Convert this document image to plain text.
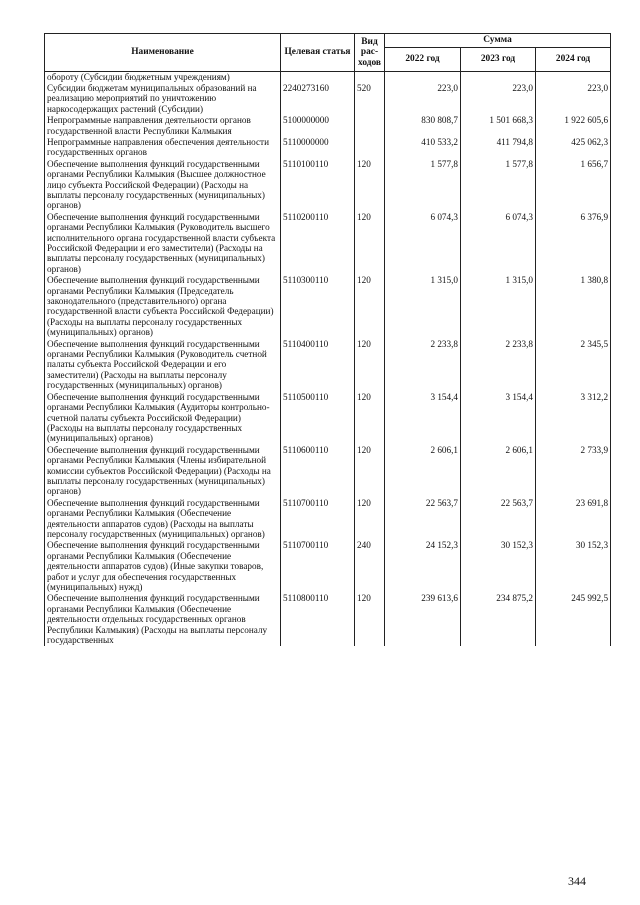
Наименование	Целевая статья	Вид рас-ходов	Сумма		
			2022 год	2023 год	2024 год
обороту (Субсидии бюджетным учреждениям)					
Субсидии бюджетам муниципальных образований на реализацию мероприятий по уничтожению наркосодержащих растений (Субсидии)	2240273160	520	223,0	223,0	223,0
Непрограммные направления деятельности органов государственной власти Республики Калмыкия	5100000000		830 808,7	1 501 668,3	1 922 605,6
Непрограммные направления обеспечения деятельности государственных органов	5110000000		410 533,2	411 794,8	425 062,3
Обеспечение выполнения функций государственными органами Республики Калмыкия (Высшее должностное лицо субъекта Российской Федерации) (Расходы на выплаты персоналу государственных (муниципальных) органов)	5110100110	120	1 577,8	1 577,8	1 656,7
Обеспечение выполнения функций государственными органами Республики Калмыкия (Руководитель высшего исполнительного органа государственной власти субъекта Российской Федерации и его заместители) (Расходы на выплаты персоналу государственных (муниципальных) органов)	5110200110	120	6 074,3	6 074,3	6 376,9
Обеспечение выполнения функций государственными органами Республики Калмыкия (Председатель законодательного (представительного) органа государственной власти субъекта Российской Федерации) (Расходы на выплаты персоналу государственных (муниципальных) органов)	5110300110	120	1 315,0	1 315,0	1 380,8
Обеспечение выполнения функций государственными органами Республики Калмыкия (Руководитель счетной палаты субъекта Российской Федерации и его заместители) (Расходы на выплаты персоналу государственных (муниципальных) органов)	5110400110	120	2 233,8	2 233,8	2 345,5
Обеспечение выполнения функций государственными органами Республики Калмыкия (Аудиторы контрольно-счетной палаты субъекта Российской Федерации) (Расходы на выплаты персоналу государственных (муниципальных) органов)	5110500110	120	3 154,4	3 154,4	3 312,2
Обеспечение выполнения функций государственными органами Республики Калмыкия (Члены избирательной комиссии субъектов Российской Федерации) (Расходы на выплаты персоналу государственных (муниципальных) органов)	5110600110	120	2 606,1	2 606,1	2 733,9
Обеспечение выполнения функций государственными органами Республики Калмыкия (Обеспечение деятельности аппаратов судов) (Расходы на выплаты персоналу государственных (муниципальных) органов)	5110700110	120	22 563,7	22 563,7	23 691,8
Обеспечение выполнения функций государственными органами Республики Калмыкия (Обеспечение деятельности аппаратов судов) (Иные закупки товаров, работ и услуг для обеспечения государственных (муниципальных) нужд)	5110700110	240	24 152,3	30 152,3	30 152,3
Обеспечение выполнения функций государственными органами Республики Калмыкия (Обеспечение деятельности отдельных государственных органов Республики Калмыкия) (Расходы на выплаты персоналу государственных	5110800110	120	239 613,6	234 875,2	245 992,5
344
